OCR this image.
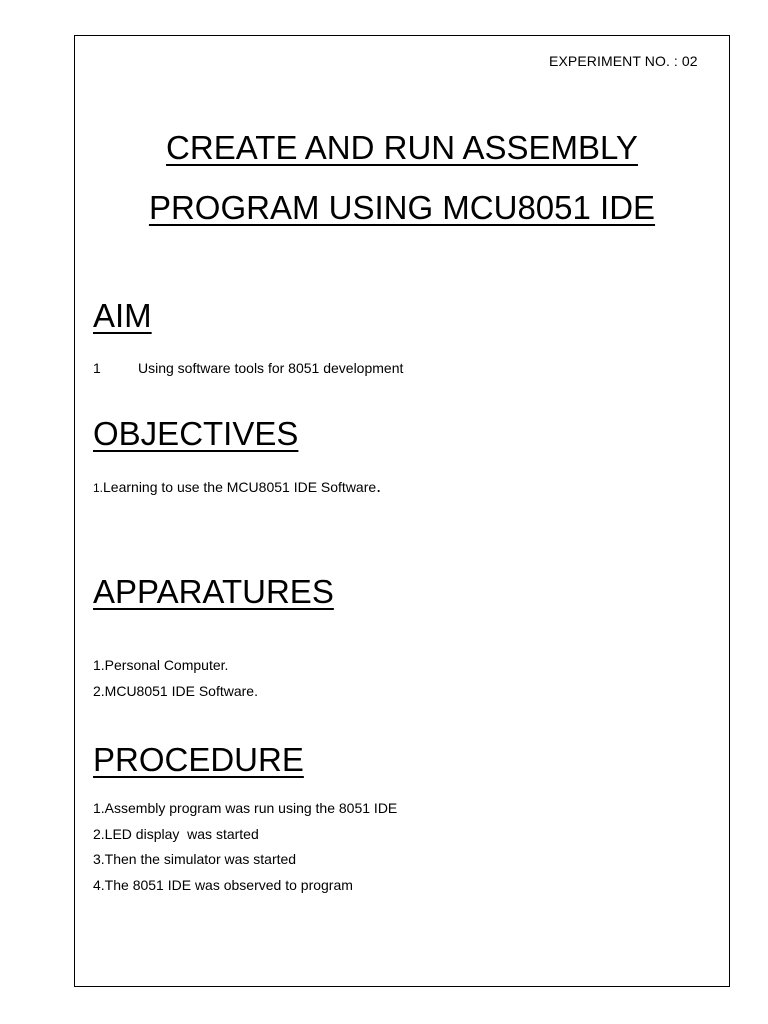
EXPERIMENT NO. : 02
CREATE AND RUN ASSEMBLY
PROGRAM USING MCU8051 IDE
AIM
1	Using software tools for 8051 development
OBJECTIVES
1.Learning to use the MCU8051 IDE Software.
APPARATURES
1.Personal Computer.
2.MCU8051 IDE Software.
PROCEDURE
1.Assembly program was run using the 8051 IDE
2.LED display  was started
3.Then the simulator was started
4.The 8051 IDE was observed to program
